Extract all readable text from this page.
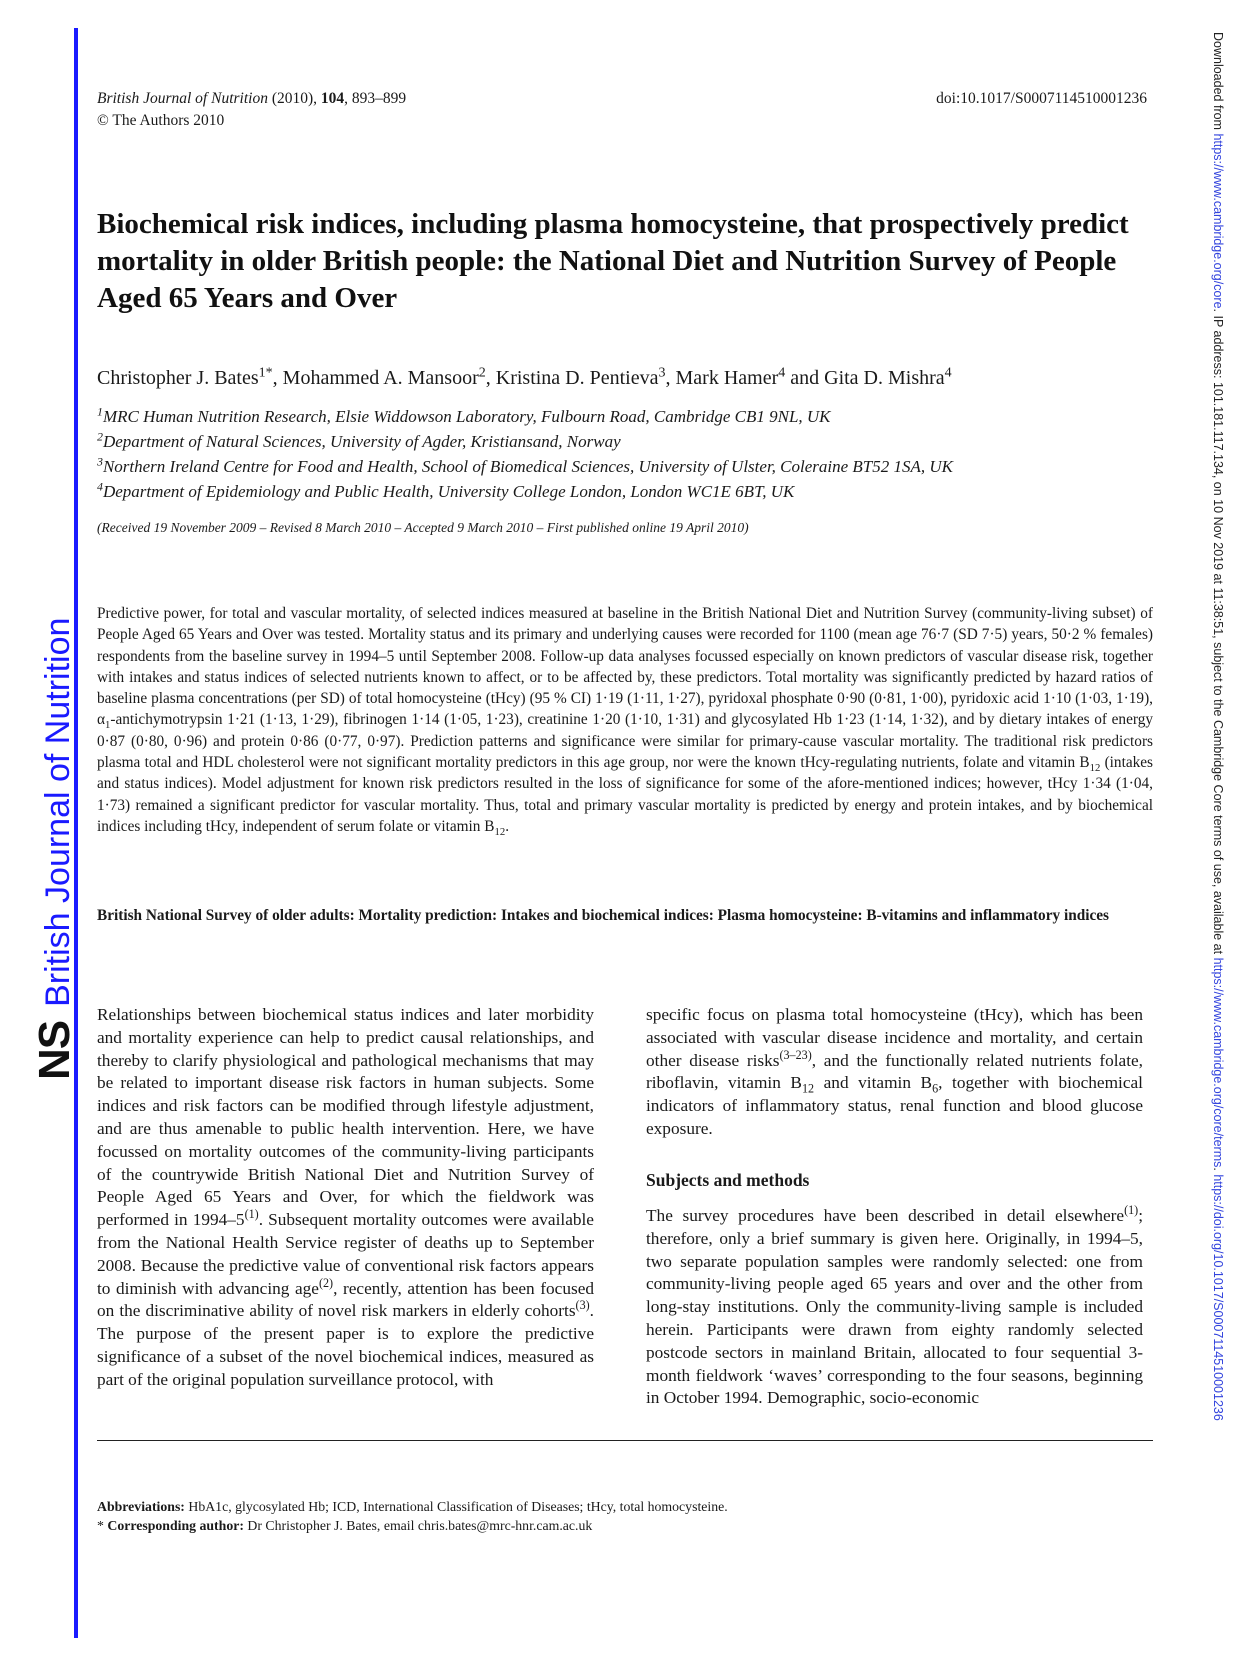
NSBritish Journal of Nutrition
Downloaded from https://www.cambridge.org/core. IP address: 101.181.117.134, on 10 Nov 2019 at 11:38:51, subject to the Cambridge Core terms of use, available at https://www.cambridge.org/core/terms. https://doi.org/10.1017/S0007114510001236
British Journal of Nutrition (2010), 104, 893–899
© The Authors 2010
doi:10.1017/S0007114510001236
Biochemical risk indices, including plasma homocysteine, that prospectively predict mortality in older British people: the National Diet and Nutrition Survey of People Aged 65 Years and Over
Christopher J. Bates$^{1*}$, Mohammed A. Mansoor$^2$, Kristina D. Pentieva$^3$, Mark Hamer$^4$ and Gita D. Mishra$^4$
$^1$MRC Human Nutrition Research, Elsie Widdowson Laboratory, Fulbourn Road, Cambridge CB1 9NL, UK
$^2$Department of Natural Sciences, University of Agder, Kristiansand, Norway
$^3$Northern Ireland Centre for Food and Health, School of Biomedical Sciences, University of Ulster, Coleraine BT52 1SA, UK
$^4$Department of Epidemiology and Public Health, University College London, London WC1E 6BT, UK
(Received 19 November 2009 – Revised 8 March 2010 – Accepted 9 March 2010 – First published online 19 April 2010)
Predictive power, for total and vascular mortality, of selected indices measured at baseline in the British National Diet and Nutrition Survey (community-living subset) of People Aged 65 Years and Over was tested. Mortality status and its primary and underlying causes were recorded for 1100 (mean age 76·7 (SD 7·5) years, 50·2 % females) respondents from the baseline survey in 1994–5 until September 2008. Follow-up data analyses focussed especially on known predictors of vascular disease risk, together with intakes and status indices of selected nutrients known to affect, or to be affected by, these predictors. Total mortality was significantly predicted by hazard ratios of baseline plasma concentrations (per SD) of total homocysteine (tHcy) (95 % CI) 1·19 (1·11, 1·27), pyridoxal phosphate 0·90 (0·81, 1·00), pyridoxic acid 1·10 (1·03, 1·19), $\alpha_1$-antichymotrypsin 1·21 (1·13, 1·29), fibrinogen 1·14 (1·05, 1·23), creatinine 1·20 (1·10, 1·31) and glycosylated Hb 1·23 (1·14, 1·32), and by dietary intakes of energy 0·87 (0·80, 0·96) and protein 0·86 (0·77, 0·97). Prediction patterns and significance were similar for primary-cause vascular mortality. The traditional risk predictors plasma total and HDL cholesterol were not significant mortality predictors in this age group, nor were the known tHcy-regulating nutrients, folate and vitamin $B_{12}$ (intakes and status indices). Model adjustment for known risk predictors resulted in the loss of significance for some of the afore-mentioned indices; however, tHcy 1·34 (1·04, 1·73) remained a significant predictor for vascular mortality. Thus, total and primary vascular mortality is predicted by energy and protein intakes, and by biochemical indices including tHcy, independent of serum folate or vitamin $B_{12}$.
British National Survey of older adults: Mortality prediction: Intakes and biochemical indices: Plasma homocysteine: B-vitamins and inflammatory indices
Relationships between biochemical status indices and later morbidity and mortality experience can help to predict causal relationships, and thereby to clarify physiological and pathological mechanisms that may be related to important disease risk factors in human subjects. Some indices and risk factors can be modified through lifestyle adjustment, and are thus amenable to public health intervention. Here, we have focussed on mortality outcomes of the community-living participants of the countrywide British National Diet and Nutrition Survey of People Aged 65 Years and Over, for which the fieldwork was performed in 1994–5$^{(1)}$. Subsequent mortality outcomes were available from the National Health Service register of deaths up to September 2008. Because the predictive value of conventional risk factors appears to diminish with advancing age$^{(2)}$, recently, attention has been focused on the discriminative ability of novel risk markers in elderly cohorts$^{(3)}$. The purpose of the present paper is to explore the predictive significance of a subset of the novel biochemical indices, measured as part of the original population surveillance protocol, with
specific focus on plasma total homocysteine (tHcy), which has been associated with vascular disease incidence and mortality, and certain other disease risks$^{(3-23)}$, and the functionally related nutrients folate, riboflavin, vitamin $B_{12}$ and vitamin $B_6$, together with biochemical indicators of inflammatory status, renal function and blood glucose exposure.
Subjects and methods
The survey procedures have been described in detail elsewhere$^{(1)}$; therefore, only a brief summary is given here. Originally, in 1994–5, two separate population samples were randomly selected: one from community-living people aged 65 years and over and the other from long-stay institutions. Only the community-living sample is included herein. Participants were drawn from eighty randomly selected postcode sectors in mainland Britain, allocated to four sequential 3-month fieldwork ‘waves’ corresponding to the four seasons, beginning in October 1994. Demographic, socio-economic
Abbreviations: HbA1c, glycosylated Hb; ICD, International Classification of Diseases; tHcy, total homocysteine.
* Corresponding author: Dr Christopher J. Bates, email chris.bates@mrc-hnr.cam.ac.uk
